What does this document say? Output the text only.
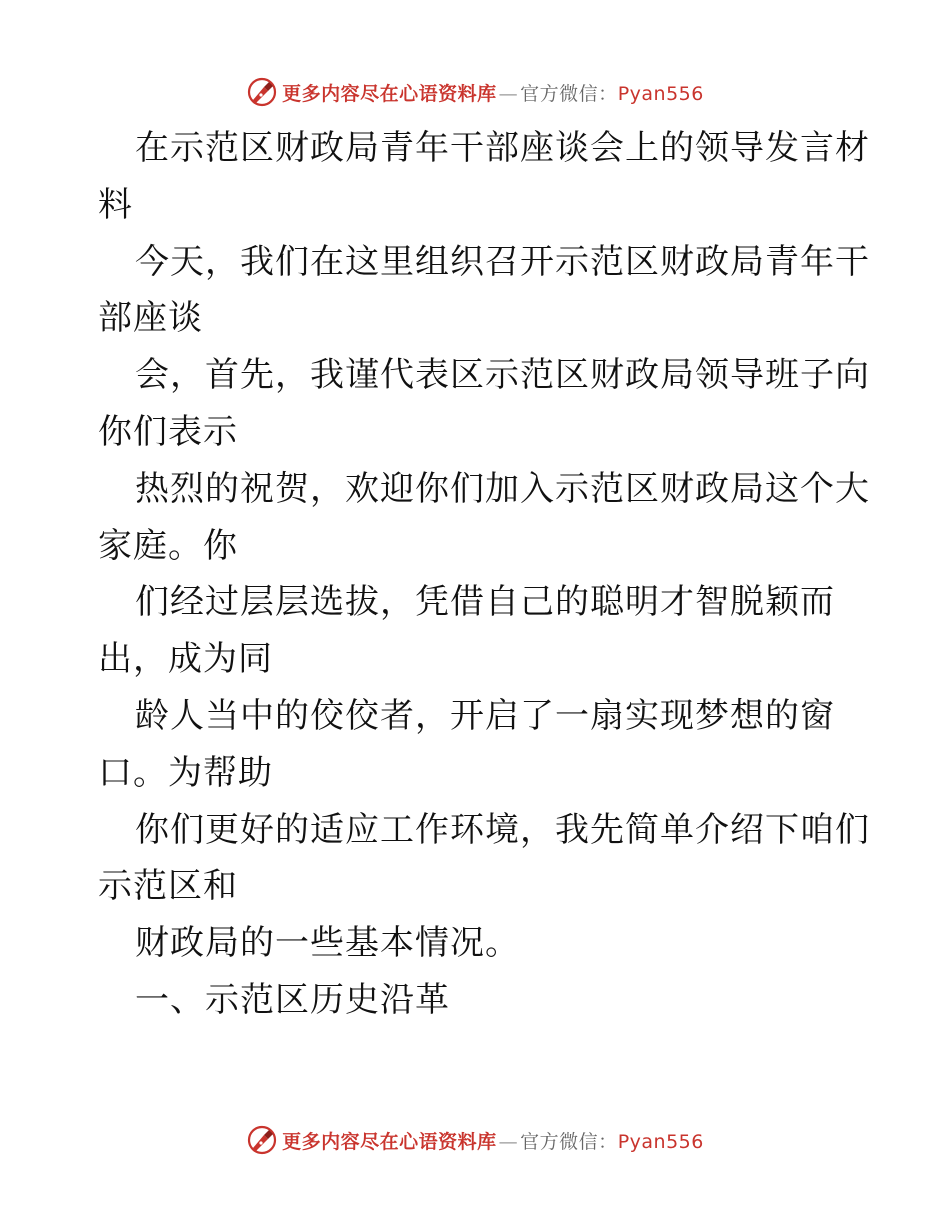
更多内容尽在心语资料库 — 官方微信：Pyan556
在示范区财政局青年干部座谈会上的领导发言材
料
今天，我们在这里组织召开示范区财政局青年干
部座谈
会，首先，我谨代表区示范区财政局领导班子向
你们表示
热烈的祝贺，欢迎你们加入示范区财政局这个大
家庭。你
们经过层层选拔，凭借自己的聪明才智脱颖而
出，成为同
龄人当中的佼佼者，开启了一扇实现梦想的窗
口。为帮助
你们更好的适应工作环境，我先简单介绍下咱们
示范区和
财政局的一些基本情况。
一、示范区历史沿革
更多内容尽在心语资料库 — 官方微信：Pyan556
